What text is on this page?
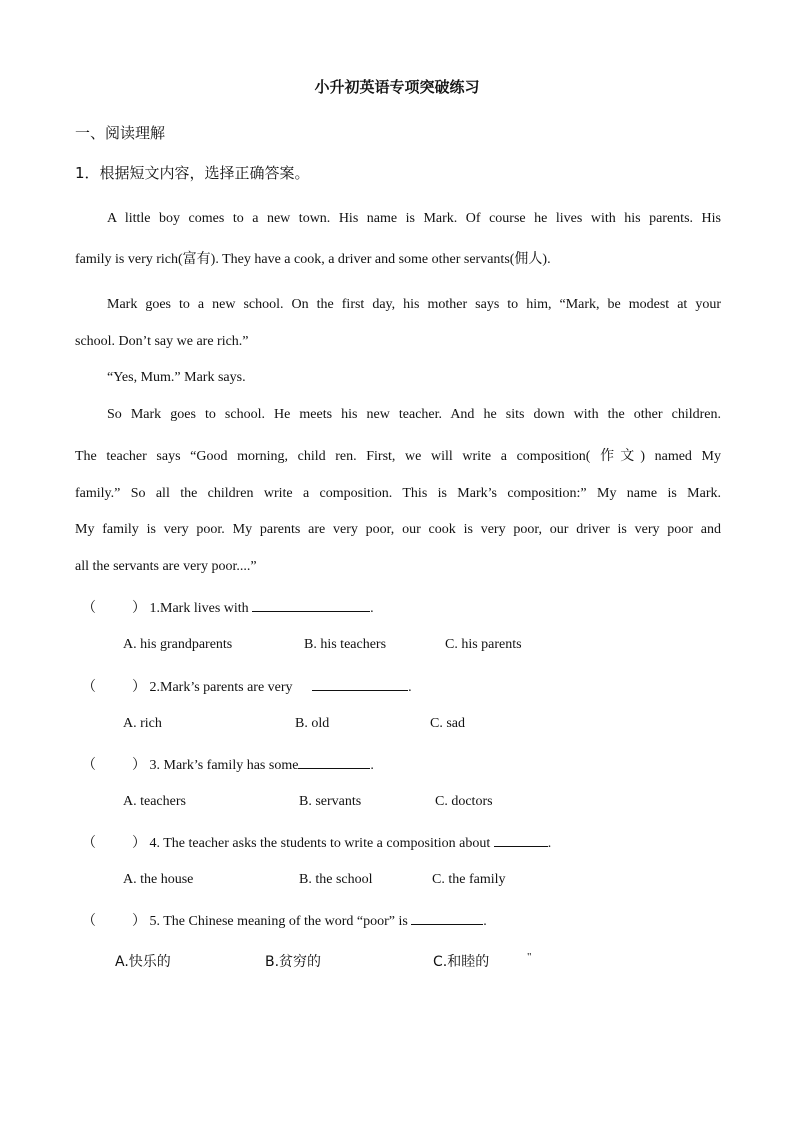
小升初英语专项突破练习
一、阅读理解
1．根据短文内容，选择正确答案。
A little boy comes to a new town. His name is Mark. Of course he lives with his parents. His
family is very rich(富有). They have a cook, a driver and some other servants(佣人).
Mark goes to a new school. On the first day, his mother says to him, “Mark, be modest at your
school. Don’t say we are rich.”
“Yes, Mum.” Mark says.
So Mark goes to school. He meets his new teacher. And he sits down with the other children.
The teacher says “Good morning, child ren. First, we will write a composition( 作文) named My
family.” So all the children write a composition. This is Mark’s composition:” My name is Mark.
My family is very poor. My parents are very poor, our cook is very poor, our driver is very poor and
all the servants are very poor....”
（	） 1.Mark lives with	.
A. his grandparents	B. his teachers	C. his parents
（	） 2.Mark’s parents are very	.
A. rich	B. old	C. sad
（	） 3. Mark’s family has some	.
A. teachers	B. servants	C. doctors
（	） 4. The teacher asks the students to write a composition about	.
A. the house	B. the school	C. the family
（	） 5. The Chinese meaning of the word “poor” is	.
A.快乐的	B.贫穷的	C.和睦的	"
